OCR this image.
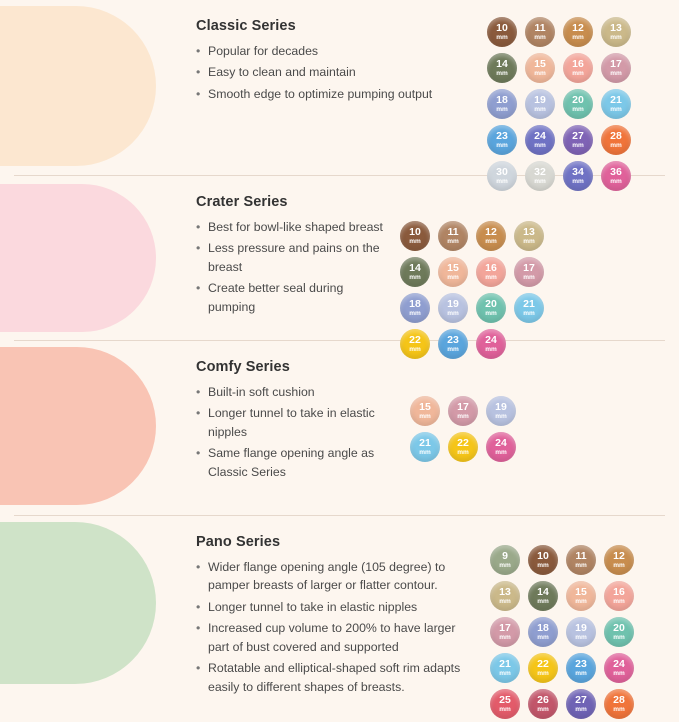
Classic Series
• Popular for decades
• Easy to clean and maintain
• Smooth edge to optimize pumping output
10
mm
11
mm
12
mm
13
mm
14
mm
15
mm
16
mm
17
mm
18
mm
19
mm
20
mm
21
mm
23
mm
24
mm
27
mm
28
mm
30
mm
32
mm
34
mm
36
mm
Crater Series
• Best for bowl-like shaped breast
• Less pressure and pains on the breast
• Create better seal during pumping
10
mm
11
mm
12
mm
13
mm
14
mm
15
mm
16
mm
17
mm
18
mm
19
mm
20
mm
21
mm
22
mm
23
mm
24
mm
Comfy Series
• Built-in soft cushion
• Longer tunnel to take in elastic nipples
• Same flange opening angle as Classic Series
15
mm
17
mm
19
mm
21
mm
22
mm
24
mm
Pano Series
• Wider flange opening angle (105 degree) to pamper breasts of larger or flatter contour.
• Longer tunnel to take in elastic nipples
• Increased cup volume to 200% to have larger part of bust covered and supported
• Rotatable and elliptical-shaped soft rim adapts easily to different shapes of breasts.
9
mm
10
mm
11
mm
12
mm
13
mm
14
mm
15
mm
16
mm
17
mm
18
mm
19
mm
20
mm
21
mm
22
mm
23
mm
24
mm
25
mm
26
mm
27
mm
28
mm
